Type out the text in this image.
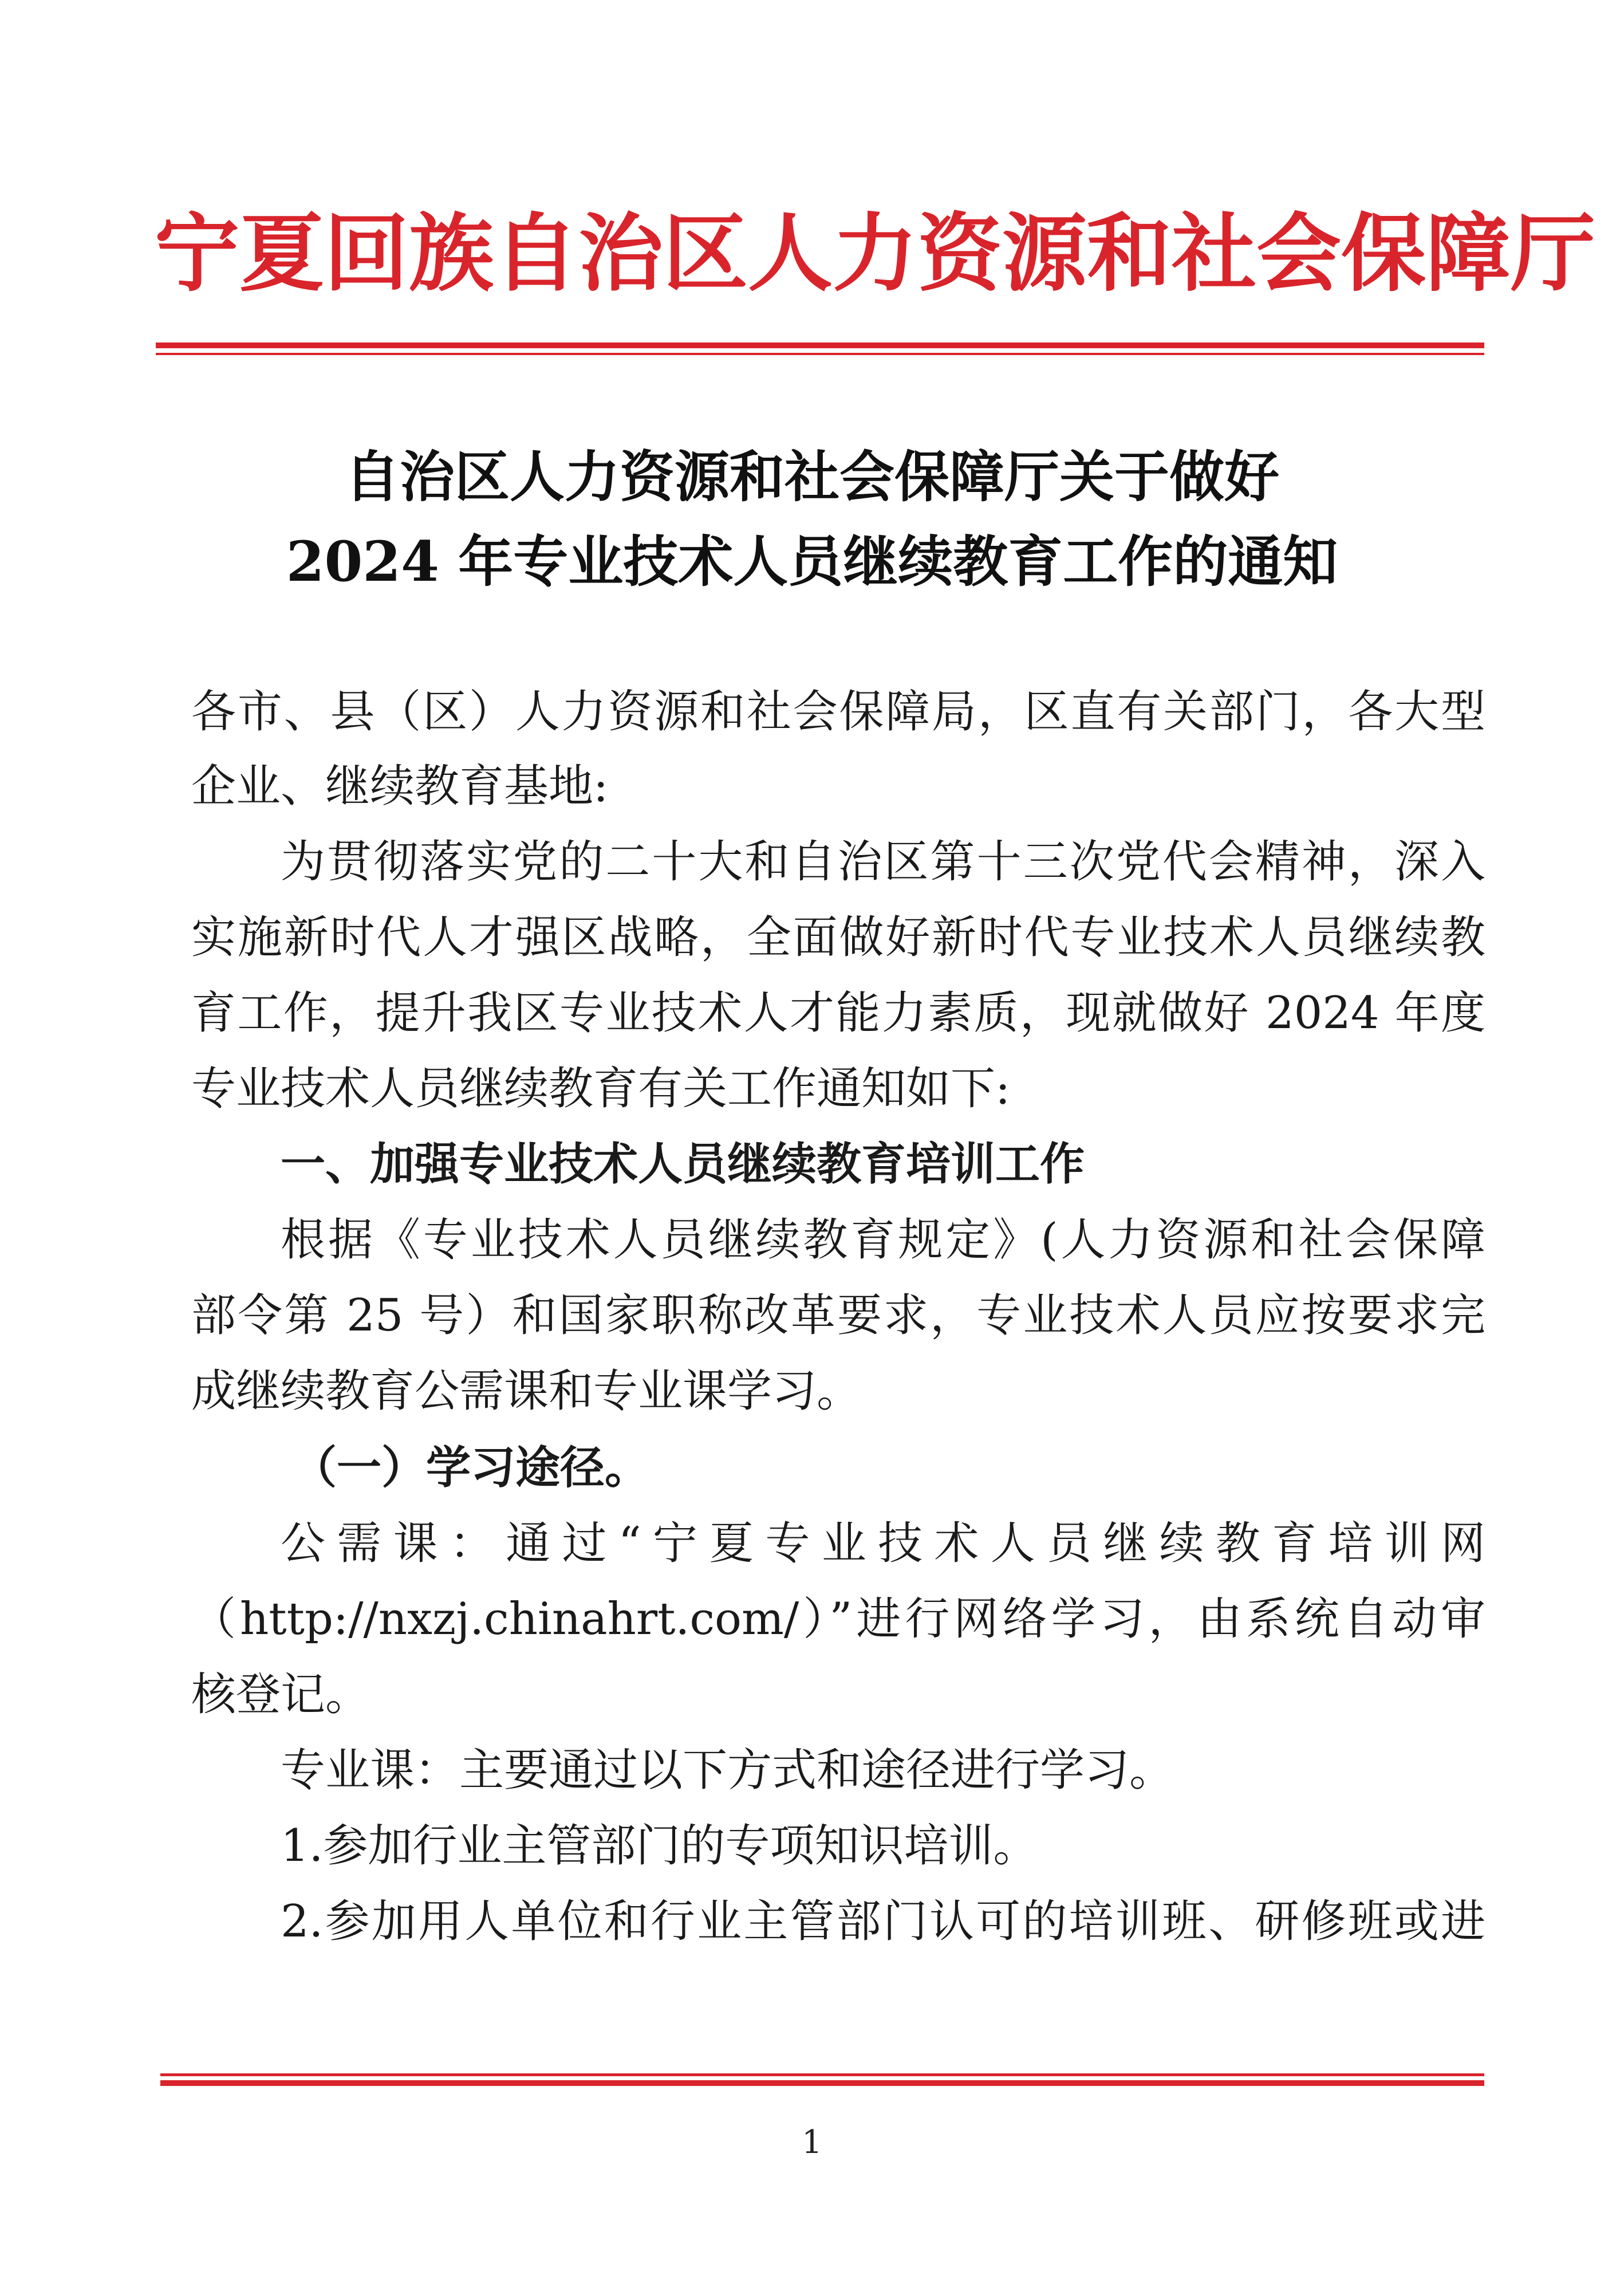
宁夏回族自治区人力资源和社会保障厅
自治区人力资源和社会保障厅关于做好
2024 年专业技术人员继续教育工作的通知
各市、县（区）人力资源和社会保障局，区直有关部门，各大型
企业、继续教育基地:
为贯彻落实党的二十大和自治区第十三次党代会精神，深入
实施新时代人才强区战略，全面做好新时代专业技术人员继续教
育工作，提升我区专业技术人才能力素质，现就做好 2024 年度
专业技术人员继续教育有关工作通知如下:
一、加强专业技术人员继续教育培训工作
根据《专业技术人员继续教育规定》(人力资源和社会保障
部令第 25 号）和国家职称改革要求，专业技术人员应按要求完
成继续教育公需课和专业课学习。
（一）学习途径。
公需课：通过“宁夏专业技术人员继续教育培训网
（http://nxzj.chinahrt.com/）”进行网络学习，由系统自动审
核登记。
专业课：主要通过以下方式和途径进行学习。
1.参加行业主管部门的专项知识培训。
2.参加用人单位和行业主管部门认可的培训班、研修班或进
1
